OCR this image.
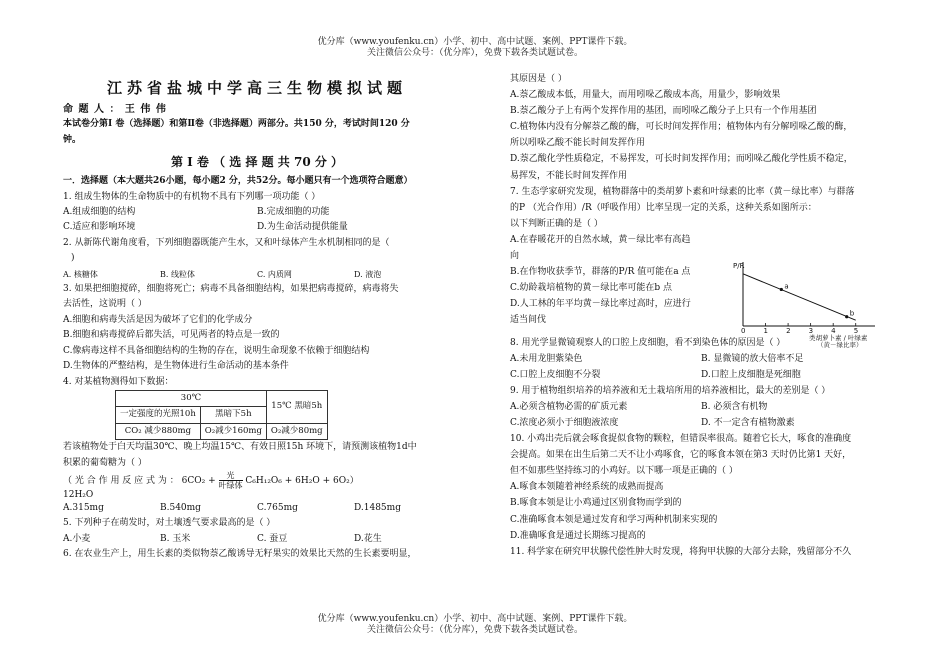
优分库（www.youfenku.cn）小学、初中、高中试题、案例、PPT课件下载。
关注微信公众号：（优分库），免费下载各类试题试卷。

江苏省盐城中学高三生物模拟试题

命 题 人 ： 王 伟 伟

本试卷分第Ⅰ 卷（选择题）和第Ⅱ卷（非选择题）两部分。共150 分，考试时间120 分

钟。

第 Ⅰ 卷 （ 选 择 题 共 70 分 ）

一．选择题（本大题共26小题，每小题2 分，共52分。每小题只有一个选项符合题意）

1. 组成生物体的生命物质中的有机物不具有下列哪一项功能（ ）

A.组成细胞的结构	B.完成细胞的功能
C.适应和影响环境	D.为生命活动提供能量

2. 从新陈代谢角度看，下列细胞器既能产生水，又和叶绿体产生水机制相同的是（

)

A. 核糖体	B. 线粒体	C. 内质网	D. 液泡

3. 如果把细胞搅碎，细胞将死亡；病毒不具备细胞结构，如果把病毒搅碎，病毒将失

去活性，这说明（ ）

A.细胞和病毒失活是因为破坏了它们的化学成分

B.细胞和病毒搅碎后都失活，可见两者的特点是一致的

C.像病毒这样不具备细胞结构的生物的存在，说明生命现象不依赖于细胞结构

D.生物体的严整结构，是生物体进行生命活动的基本条件

4. 对某植物测得如下数据：

30℃		15℃ 黑暗5h
一定强度的光照10h	黑暗下5h	
CO₂ 减少880mg	O₂减少160mg	O₂减少80mg

若该植物处于白天均温30℃、晚上均温15℃、有效日照15h 环境下，请预测该植物1d中

积累的葡萄糖为（ ）

（ 光 合 作 用 反 应 式 为 ： $6CO_2 + \frac{\text{光}}{\text{叶绿体}} C_6H_{12}O_6 + 6H_2O + 6O_2$）

12H₂O

A.315mg	B.540mg	C.765mg	D.1485mg

5. 下列种子在萌发时，对土壤透气要求最高的是（ ）

A.小麦	B. 玉米	C. 蚕豆	D.花生

6. 在农业生产上，用生长素的类似物萘乙酸诱导无籽果实的效果比天然的生长素要明显，

其原因是（ ）

A.萘乙酸成本低，用量大，而用吲哚乙酸成本高，用量少，影响效果

B.萘乙酸分子上有两个发挥作用的基团，而吲哚乙酸分子上只有一个作用基团

C.植物体内没有分解萘乙酸的酶，可长时间发挥作用；植物体内有分解吲哚乙酸的酶，

所以吲哚乙酸不能长时间发挥作用

D.萘乙酸化学性质稳定，不易挥发，可长时间发挥作用；而吲哚乙酸化学性质不稳定，

易挥发，不能长时间发挥作用

7. 生态学家研究发现，植物群落中的类胡萝卜素和叶绿素的比率（黄－绿比率）与群落

的P （光合作用）/R（呼吸作用）比率呈现一定的关系，这种关系如图所示：

以下判断正确的是（ ）

A.在春暖花开的自然水域，黄－绿比率有高趋

向

B.在作物收获季节，群落的P/R 值可能在a 点

C.幼龄栽培植物的黄－绿比率可能在b 点

D.人工林的年平均黄－绿比率过高时，应进行

适当间伐

8. 用光学显微镜观察人的口腔上皮细胞，看不到染色体的原因是（ ）

A.未用龙胆紫染色	B. 显微镜的放大倍率不足
C.口腔上皮细胞不分裂	D.口腔上皮细胞是死细胞

9. 用于植物组织培养的培养液和无土栽培所用的培养液相比，最大的差别是（ ）

A.必须含植物必需的矿质元素	B. 必须含有机物
C.浓度必须小于细胞液浓度	D. 不一定含有植物激素

10. 小鸡出壳后就会啄食捉似食物的颗粒，但错误率很高。随着它长大，啄食的准确度

会提高。如果在出生后第二天不让小鸡啄食，它的啄食本领在第3 天时仍比第1 天好，

但不如那些坚持练习的小鸡好。以下哪一项是正确的（ ）

A.啄食本领随着神经系统的成熟而提高

B.啄食本领是让小鸡通过区别食物而学到的

C.准确啄食本领是通过发育和学习两种机制来实现的

D.准确啄食是通过长期练习提高的

11. 科学家在研究甲状腺代偿性肿大时发现，将狗甲状腺的大部分去除，残留部分不久

P/R
0	1	2	3	4	5
a
b
类胡萝卜素 / 叶绿素
（黄－绿比率）
优分库（www.youfenku.cn）小学、初中、高中试题、案例、PPT课件下载。
关注微信公众号：（优分库），免费下载各类试题试卷。
